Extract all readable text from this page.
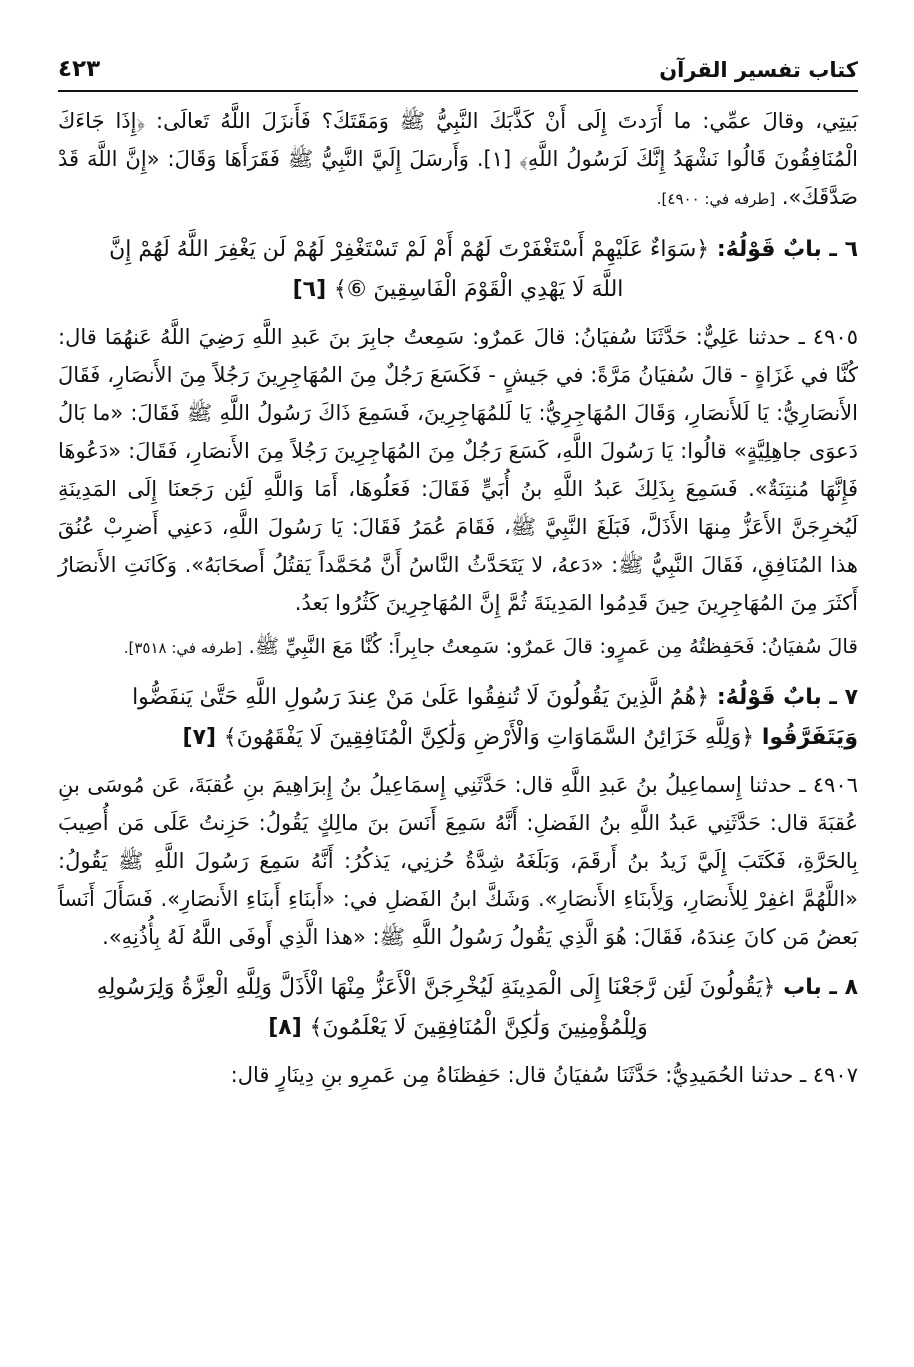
كتاب تفسير القرآن
٤٢٣

بَيتِي، وقالَ عمِّي: ما أَرَدتَ إِلَى أَنْ كَذَّبَكَ النَّبِيُّ ﷺ وَمَقَتَكَ؟ فَأَنزَلَ اللَّهُ تَعالَى: ﴿إِذَا جَاءَكَ الْمُنَافِقُونَ قَالُوا نَشْهَدُ إِنَّكَ لَرَسُولُ اللَّهِ﴾ [١]. وَأَرسَلَ إِلَيَّ النَّبِيُّ ﷺ فَقَرَأَهَا وَقَالَ: «إِنَّ اللَّهَ قَدْ صَدَّقَكَ». [طرفه في: ٤٩٠٠].

٦ ـ بابٌ قَوْلُهُ: ﴿سَوَاءٌ عَلَيْهِمْ أَسْتَغْفَرْتَ لَهُمْ أَمْ لَمْ تَسْتَغْفِرْ لَهُمْ لَن يَغْفِرَ اللَّهُ لَهُمْ إِنَّ

اللَّهَ لَا يَهْدِي الْقَوْمَ الْفَاسِقِينَ ⑥﴾ [٦]

٤٩٠٥ ـ حدثنا عَلِيٌّ: حَدَّثَنَا سُفيَانُ: قالَ عَمرٌو: سَمِعتُ جابِرَ بنَ عَبدِ اللَّهِ رَضِيَ اللَّهُ عَنهُمَا قال: كُنَّا في غَزَاةٍ - قالَ سُفيَانُ مَرَّةً: في جَيشٍ - فَكَسَعَ رَجُلٌ مِنَ المُهَاجِرِينَ رَجُلاً مِنَ الأَنصَارِ، فَقَالَ الأَنصَارِيُّ: يَا لَلأَنصَارِ، وَقَالَ المُهَاجِرِيُّ: يَا لَلمُهَاجِرِينَ، فَسَمِعَ ذَاكَ رَسُولُ اللَّهِ ﷺ فَقَالَ: «ما بَالُ دَعوَى جاهِلِيَّةٍ» قالُوا: يَا رَسُولَ اللَّهِ، كَسَعَ رَجُلٌ مِنَ المُهَاجِرِينَ رَجُلاً مِنَ الأَنصَارِ، فَقَالَ: «دَعُوهَا فَإِنَّهَا مُنتِنَةٌ». فَسَمِعَ بِذَلِكَ عَبدُ اللَّهِ بنُ أُبَيٍّ فَقَالَ: فَعَلُوهَا، أَمَا وَاللَّهِ لَئِن رَجَعنَا إِلَى المَدِينَةِ لَيُخرِجَنَّ الأَعَزُّ مِنهَا الأَذَلَّ، فَبَلَغَ النَّبِيَّ ﷺ، فَقَامَ عُمَرُ فَقَالَ: يَا رَسُولَ اللَّهِ، دَعنِي أَضرِبْ عُنُقَ هذا المُنَافِقِ، فَقَالَ النَّبِيُّ ﷺ: «دَعهُ، لا يَتَحَدَّثُ النَّاسُ أَنَّ مُحَمَّداً يَقتُلُ أَصحَابَهُ». وَكَانَتِ الأَنصَارُ أَكثَرَ مِنَ المُهَاجِرِينَ حِينَ قَدِمُوا المَدِينَةَ ثُمَّ إِنَّ المُهَاجِرِينَ كَثُرُوا بَعدُ.

قالَ سُفيَانُ: فَحَفِظتُهُ مِن عَمرٍو: قالَ عَمرٌو: سَمِعتُ جابِراً: كُنَّا مَعَ النَّبِيِّ ﷺ. [طرفه في: ٣٥١٨].

٧ ـ بابٌ قَوْلُهُ: ﴿هُمُ الَّذِينَ يَقُولُونَ لَا تُنفِقُوا عَلَىٰ مَنْ عِندَ رَسُولِ اللَّهِ حَتَّىٰ يَنفَضُّوا

وَيَتَفَرَّقُوا ﴿وَلِلَّهِ خَزَائِنُ السَّمَاوَاتِ وَالْأَرْضِ وَلَٰكِنَّ الْمُنَافِقِينَ لَا يَفْقَهُونَ﴾ [٧]

٤٩٠٦ ـ حدثنا إِسماعِيلُ بنُ عَبدِ اللَّهِ قال: حَدَّثَنِي إِسمَاعِيلُ بنُ إِبرَاهِيمَ بنِ عُقبَةَ، عَن مُوسَى بنِ عُقبَةَ قال: حَدَّثَنِي عَبدُ اللَّهِ بنُ الفَضلِ: أَنَّهُ سَمِعَ أَنَسَ بنَ مالِكٍ يَقُولُ: حَزِنتُ عَلَى مَن أُصِيبَ بِالحَرَّةِ، فَكَتَبَ إِلَيَّ زَيدُ بنُ أَرقَمَ، وَبَلَغَهُ شِدَّةُ حُزنِي، يَذكُرُ: أَنَّهُ سَمِعَ رَسُولَ اللَّهِ ﷺ يَقُولُ: «اللَّهُمَّ اغفِرْ لِلأَنصَارِ، وَلِأَبنَاءِ الأَنصَارِ». وَشَكَّ ابنُ الفَضلِ في: «أَبنَاءِ أَبنَاءِ الأَنصَارِ». فَسَأَلَ أَنَساً بَعضُ مَن كانَ عِندَهُ، فَقَالَ: هُوَ الَّذِي يَقُولُ رَسُولُ اللَّهِ ﷺ: «هذا الَّذِي أَوفَى اللَّهُ لَهُ بِأُذُنِهِ».

٨ ـ باب ﴿يَقُولُونَ لَئِن رَّجَعْنَا إِلَى الْمَدِينَةِ لَيُخْرِجَنَّ الْأَعَزُّ مِنْهَا الْأَذَلَّ وَلِلَّهِ الْعِزَّةُ وَلِرَسُولِهِ

وَلِلْمُؤْمِنِينَ وَلَٰكِنَّ الْمُنَافِقِينَ لَا يَعْلَمُونَ﴾ [٨]

٤٩٠٧ ـ حدثنا الحُمَيدِيُّ: حَدَّثَنَا سُفيَانُ قال: حَفِظنَاهُ مِن عَمرِو بنِ دِينَارٍ قال:
